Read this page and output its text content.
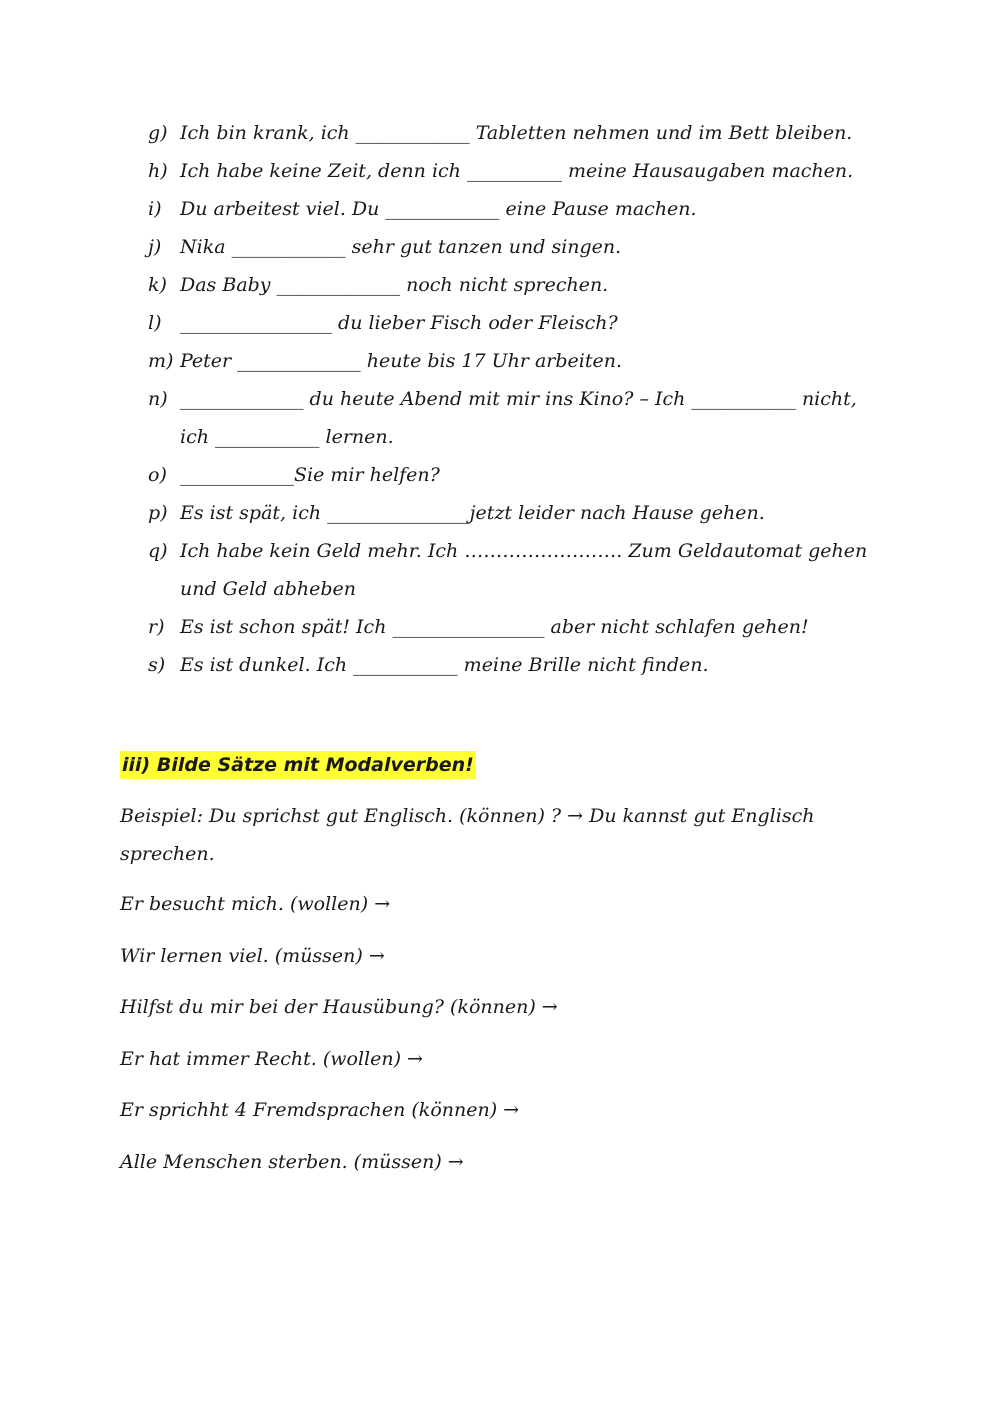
g) Ich bin krank, ich ____________ Tabletten nehmen und im Bett bleiben.
h) Ich habe keine Zeit, denn ich __________ meine Hausaugaben machen.
i) Du arbeitest viel. Du ____________ eine Pause machen.
j) Nika ____________ sehr gut tanzen und singen.
k) Das Baby _____________ noch nicht sprechen.
l) ________________ du lieber Fisch oder Fleisch?
m) Peter _____________ heute bis 17 Uhr arbeiten.
n) _____________ du heute Abend mit mir ins Kino? – Ich ___________ nicht, ich ___________ lernen.
o) ____________Sie mir helfen?
p) Es ist spät, ich _______________jetzt leider nach Hause gehen.
q) Ich habe kein Geld mehr. Ich ……………………. Zum Geldautomat gehen und Geld abheben
r) Es ist schon spät! Ich ________________ aber nicht schlafen gehen!
s) Es ist dunkel. Ich ___________ meine Brille nicht finden.
iii) Bilde Sätze mit Modalverben!

Beispiel: Du sprichst gut Englisch. (können) ? → Du kannst gut Englisch sprechen.

Er besucht mich. (wollen) →

Wir lernen viel. (müssen) →

Hilfst du mir bei der Hausübung? (können) →

Er hat immer Recht. (wollen) →

Er sprichht 4 Fremdsprachen (können) →

Alle Menschen sterben. (müssen) →
